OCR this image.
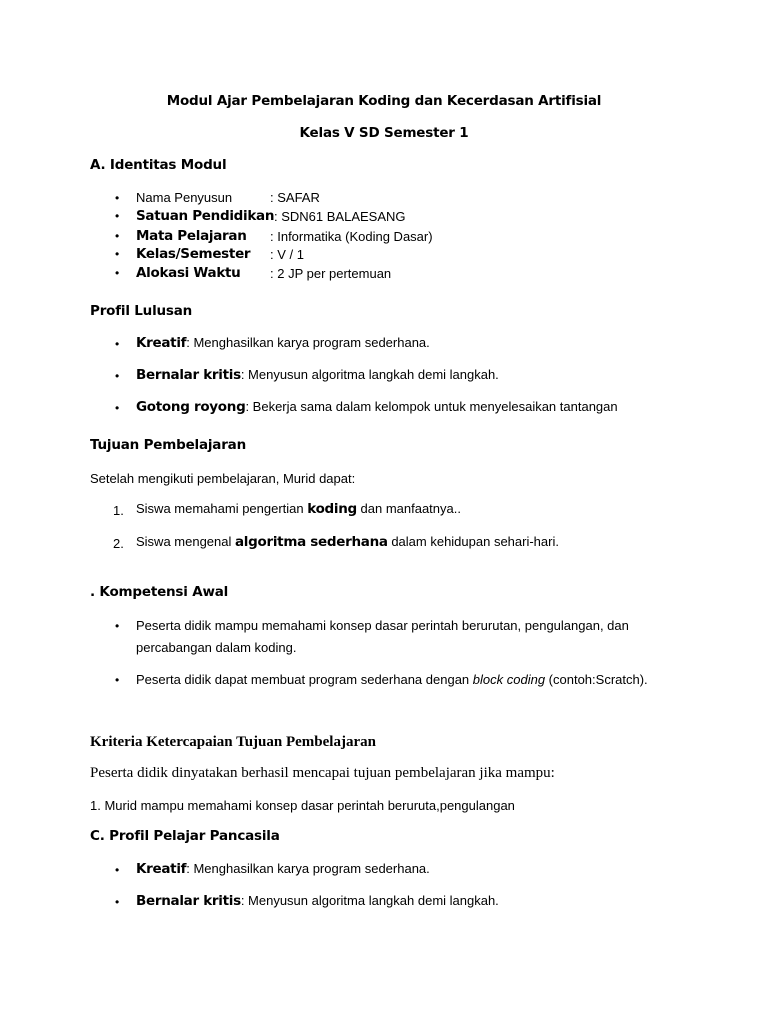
Modul Ajar Pembelajaran Koding dan Kecerdasan Artifisial
Kelas V SD Semester 1
A. Identitas Modul
• Nama Penyusun	: SAFAR
• Satuan Pendidikan : SDN61 BALAESANG
• Mata Pelajaran : Informatika (Koding Dasar)
• Kelas/Semester : V / 1
• Alokasi Waktu : 2 JP per pertemuan
Profil Lulusan
• Kreatif: Menghasilkan karya program sederhana.
• Bernalar kritis: Menyusun algoritma langkah demi langkah.
• Gotong royong: Bekerja sama dalam kelompok untuk menyelesaikan tantangan
Tujuan Pembelajaran
Setelah mengikuti pembelajaran, Murid dapat:
1. Siswa memahami pengertian koding dan manfaatnya..
2. Siswa mengenal algoritma sederhana dalam kehidupan sehari-hari.
. Kompetensi Awal
• Peserta didik mampu memahami konsep dasar perintah berurutan, pengulangan, dan
percabangan dalam koding.
• Peserta didik dapat membuat program sederhana dengan block coding (contoh:Scratch).
Kriteria Ketercapaian Tujuan Pembelajaran
Peserta didik dinyatakan berhasil mencapai tujuan pembelajaran jika mampu:
1. Murid mampu memahami konsep dasar perintah beruruta,pengulangan
C. Profil Pelajar Pancasila
• Kreatif: Menghasilkan karya program sederhana.
• Bernalar kritis: Menyusun algoritma langkah demi langkah.
